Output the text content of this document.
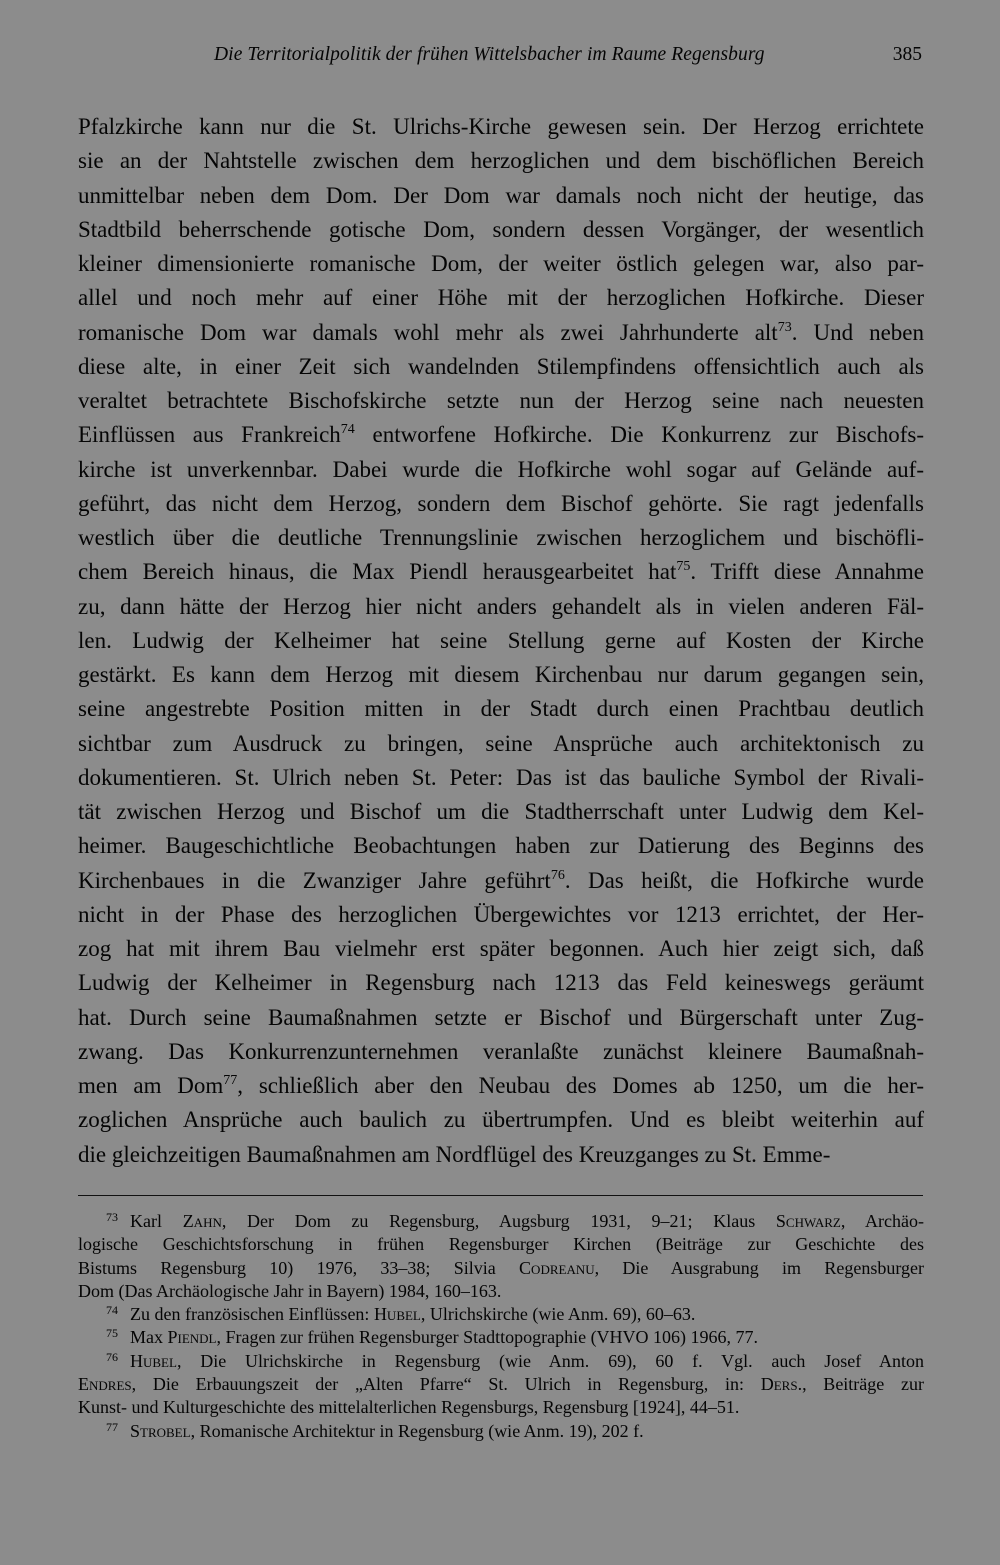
Die Territorialpolitik der frühen Wittelsbacher im Raume Regensburg	385
Pfalzkirche kann nur die St. Ulrichs-Kirche gewesen sein. Der Herzog errichtete
sie an der Nahtstelle zwischen dem herzoglichen und dem bischöflichen Bereich
unmittelbar neben dem Dom. Der Dom war damals noch nicht der heutige, das
Stadtbild beherrschende gotische Dom, sondern dessen Vorgänger, der wesentlich
kleiner dimensionierte romanische Dom, der weiter östlich gelegen war, also par-
allel und noch mehr auf einer Höhe mit der herzoglichen Hofkirche. Dieser
romanische Dom war damals wohl mehr als zwei Jahrhunderte alt$^{73}$. Und neben
diese alte, in einer Zeit sich wandelnden Stilempfindens offensichtlich auch als
veraltet betrachtete Bischofskirche setzte nun der Herzog seine nach neuesten
Einflüssen aus Frankreich$^{74}$ entworfene Hofkirche. Die Konkurrenz zur Bischofs-
kirche ist unverkennbar. Dabei wurde die Hofkirche wohl sogar auf Gelände auf-
geführt, das nicht dem Herzog, sondern dem Bischof gehörte. Sie ragt jedenfalls
westlich über die deutliche Trennungslinie zwischen herzoglichem und bischöfli-
chem Bereich hinaus, die Max Piendl herausgearbeitet hat$^{75}$. Trifft diese Annahme
zu, dann hätte der Herzog hier nicht anders gehandelt als in vielen anderen Fäl-
len. Ludwig der Kelheimer hat seine Stellung gerne auf Kosten der Kirche
gestärkt. Es kann dem Herzog mit diesem Kirchenbau nur darum gegangen sein,
seine angestrebte Position mitten in der Stadt durch einen Prachtbau deutlich
sichtbar zum Ausdruck zu bringen, seine Ansprüche auch architektonisch zu
dokumentieren. St. Ulrich neben St. Peter: Das ist das bauliche Symbol der Rivali-
tät zwischen Herzog und Bischof um die Stadtherrschaft unter Ludwig dem Kel-
heimer. Baugeschichtliche Beobachtungen haben zur Datierung des Beginns des
Kirchenbaues in die Zwanziger Jahre geführt$^{76}$. Das heißt, die Hofkirche wurde
nicht in der Phase des herzoglichen Übergewichtes vor 1213 errichtet, der Her-
zog hat mit ihrem Bau vielmehr erst später begonnen. Auch hier zeigt sich, daß
Ludwig der Kelheimer in Regensburg nach 1213 das Feld keineswegs geräumt
hat. Durch seine Baumaßnahmen setzte er Bischof und Bürgerschaft unter Zug-
zwang. Das Konkurrenzunternehmen veranlaßte zunächst kleinere Baumaßnah-
men am Dom$^{77}$, schließlich aber den Neubau des Domes ab 1250, um die her-
zoglichen Ansprüche auch baulich zu übertrumpfen. Und es bleibt weiterhin auf
die gleichzeitigen Baumaßnahmen am Nordflügel des Kreuzganges zu St. Emme-
$^{73}$ Karl Zahn, Der Dom zu Regensburg, Augsburg 1931, 9–21; Klaus Schwarz, Archäo-
logische Geschichtsforschung in frühen Regensburger Kirchen (Beiträge zur Geschichte des
Bistums Regensburg 10) 1976, 33–38; Silvia Codreanu, Die Ausgrabung im Regensburger
Dom (Das Archäologische Jahr in Bayern) 1984, 160–163.
$^{74}$ Zu den französischen Einflüssen: Hubel, Ulrichskirche (wie Anm. 69), 60–63.
$^{75}$ Max Piendl, Fragen zur frühen Regensburger Stadttopographie (VHVO 106) 1966, 77.
$^{76}$ Hubel, Die Ulrichskirche in Regensburg (wie Anm. 69), 60 f. Vgl. auch Josef Anton
Endres, Die Erbauungszeit der „Alten Pfarre“ St. Ulrich in Regensburg, in: Ders., Beiträge zur
Kunst- und Kulturgeschichte des mittelalterlichen Regensburgs, Regensburg [1924], 44–51.
$^{77}$ Strobel, Romanische Architektur in Regensburg (wie Anm. 19), 202 f.
